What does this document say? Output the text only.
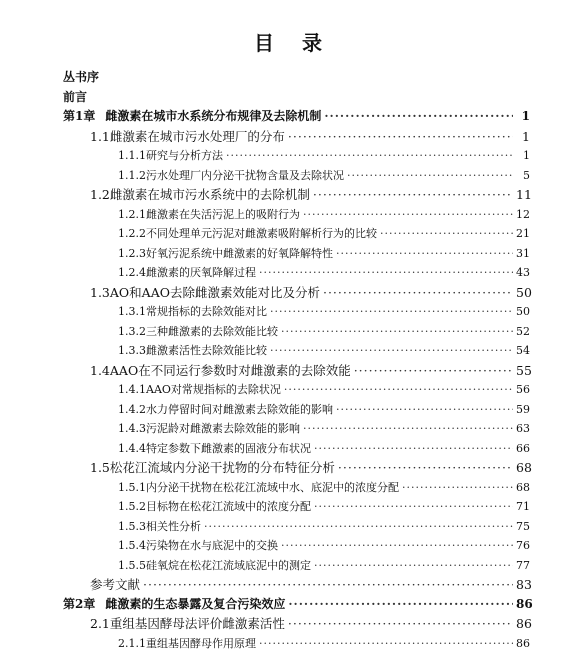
目 录
丛书序
前言
第1章 雌激素在城市水系统分布规律及去除机制 ·····	1
1.1 雌激素在城市污水处理厂的分布 ·····	1
1.1.1 研究与分析方法 ·····	1
1.1.2 污水处理厂内分泌干扰物含量及去除状况 ·····	5
1.2 雌激素在城市污水系统中的去除机制 ·····	11
1.2.1 雌激素在失活污泥上的吸附行为 ·····	12
1.2.2 不同处理单元污泥对雌激素吸附解析行为的比较 ·····	21
1.2.3 好氧污泥系统中雌激素的好氧降解特性 ·····	31
1.2.4 雌激素的厌氧降解过程 ·····	43
1.3 AO和AAO去除雌激素效能对比及分析 ·····	50
1.3.1 常规指标的去除效能对比 ·····	50
1.3.2 三种雌激素的去除效能比较 ·····	52
1.3.3 雌激素活性去除效能比较 ·····	54
1.4 AAO在不同运行参数时对雌激素的去除效能 ·····	55
1.4.1 AAO对常规指标的去除状况 ·····	56
1.4.2 水力停留时间对雌激素去除效能的影响 ·····	59
1.4.3 污泥龄对雌激素去除效能的影响 ·····	63
1.4.4 特定参数下雌激素的固液分布状况 ·····	66
1.5 松花江流域内分泌干扰物的分布特征分析 ·····	68
1.5.1 内分泌干扰物在松花江流域中水、底泥中的浓度分配 ·····	68
1.5.2 目标物在松花江流域中的浓度分配 ·····	71
1.5.3 相关性分析 ·····	75
1.5.4 污染物在水与底泥中的交换 ·····	76
1.5.5 硅氧烷在松花江流域底泥中的测定 ·····	77
参考文献 ·····	83
第2章 雌激素的生态暴露及复合污染效应 ·····	86
2.1 重组基因酵母法评价雌激素活性 ·····	86
2.1.1 重组基因酵母作用原理 ·····	86
